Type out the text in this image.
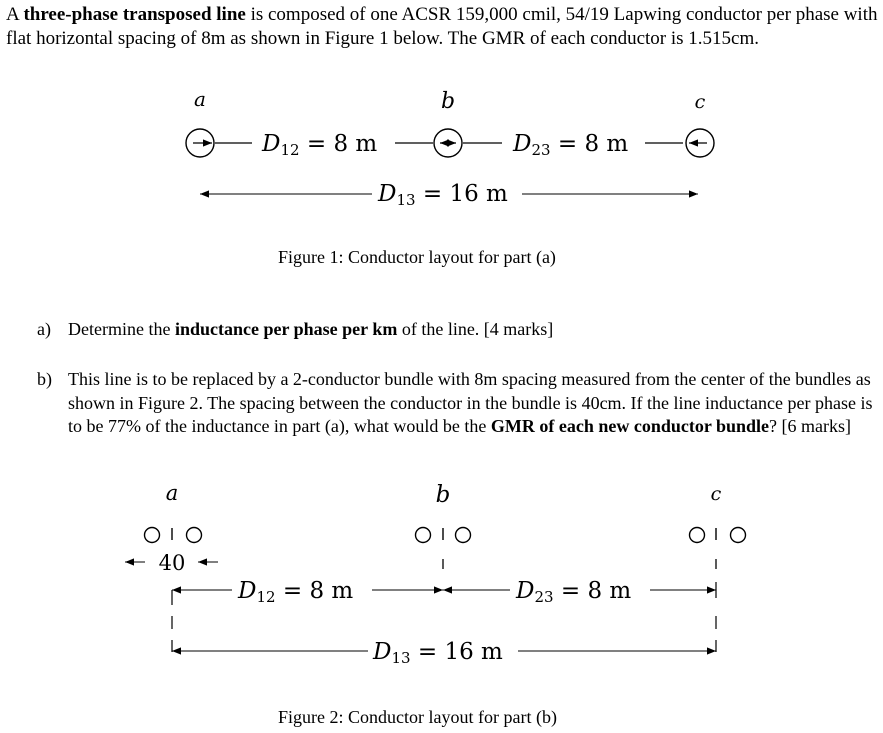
A three-phase transposed line is composed of one ACSR 159,000 cmil, 54/19 Lapwing conductor per phase with flat horizontal spacing of 8m as shown in Figure 1 below. The GMR of each conductor is 1.515cm.
a	b	c
D12 = 8 m	D23 = 8 m
D13 = 16 m
Figure 1: Conductor layout for part (a)
a) Determine the inductance per phase per km of the line. [4 marks]
b) This line is to be replaced by a 2-conductor bundle with 8m spacing measured from the center of the bundles as shown in Figure 2. The spacing between the conductor in the bundle is 40cm. If the line inductance per phase is to be 77% of the inductance in part (a), what would be the GMR of each new conductor bundle? [6 marks]
a	b	c
40
D12 = 8 m	D23 = 8 m
D13 = 16 m
Figure 2: Conductor layout for part (b)
